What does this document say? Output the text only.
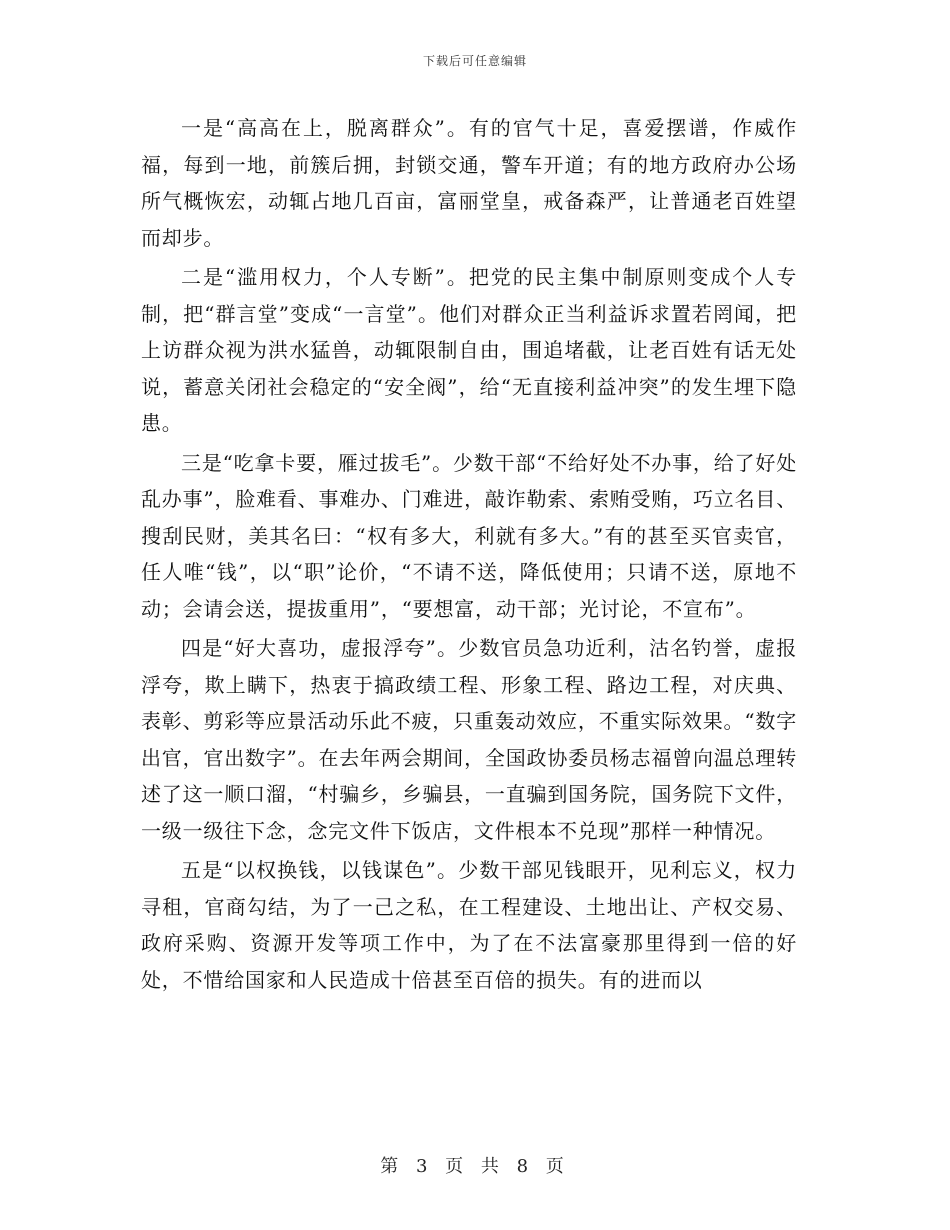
下载后可任意编辑

一是“高高在上，脱离群众”。有的官气十足，喜爱摆谱，作威作福，每到一地，前簇后拥，封锁交通，警车开道；有的地方政府办公场所气概恢宏，动辄占地几百亩，富丽堂皇，戒备森严，让普通老百姓望而却步。

二是“滥用权力，个人专断”。把党的民主集中制原则变成个人专制，把“群言堂”变成“一言堂”。他们对群众正当利益诉求置若罔闻，把上访群众视为洪水猛兽，动辄限制自由，围追堵截，让老百姓有话无处说，蓄意关闭社会稳定的“安全阀”，给“无直接利益冲突”的发生埋下隐患。

三是“吃拿卡要，雁过拔毛”。少数干部“不给好处不办事，给了好处乱办事”，脸难看、事难办、门难进，敲诈勒索、索贿受贿，巧立名目、搜刮民财，美其名曰：“权有多大，利就有多大。”有的甚至买官卖官，任人唯“钱”，以“职”论价，“不请不送，降低使用；只请不送，原地不动；会请会送，提拔重用”，“要想富，动干部；光讨论，不宣布”。

四是“好大喜功，虚报浮夸”。少数官员急功近利，沽名钓誉，虚报浮夸，欺上瞒下，热衷于搞政绩工程、形象工程、路边工程，对庆典、表彰、剪彩等应景活动乐此不疲，只重轰动效应，不重实际效果。“数字出官，官出数字”。在去年两会期间，全国政协委员杨志福曾向温总理转述了这一顺口溜，“村骗乡，乡骗县，一直骗到国务院，国务院下文件，一级一级往下念，念完文件下饭店，文件根本不兑现”那样一种情况。

五是“以权换钱，以钱谋色”。少数干部见钱眼开，见利忘义，权力寻租，官商勾结，为了一己之私，在工程建设、土地出让、产权交易、政府采购、资源开发等项工作中，为了在不法富豪那里得到一倍的好处，不惜给国家和人民造成十倍甚至百倍的损失。有的进而以

第 3 页 共 8 页
